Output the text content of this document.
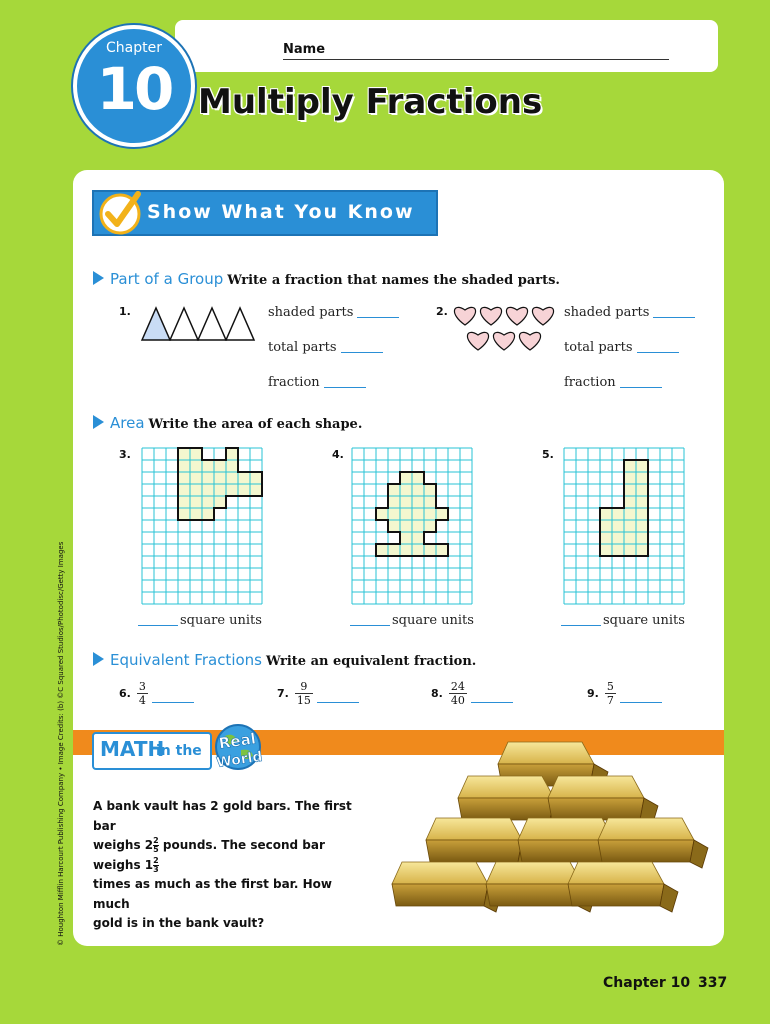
Name
Chapter
10 Multiply Fractions
Show What You Know
Part of a Group Write a fraction that names the shaded parts.
1.	shaded parts
total parts
fraction
2.	shaded parts
total parts
fraction
Area Write the area of each shape.
3.	4.	5.
square units	square units	square units
Equivalent Fractions Write an equivalent fraction.
6. $\frac{3}{4}$	7. $\frac{9}{15}$	8. $\frac{24}{40}$	9. $\frac{5}{7}$
MATH
in the Real
World
A bank vault has 2 gold bars. The first bar
weighs $2 \frac{2}{5}$ pounds. The second bar weighs $1 \frac{2}{3}$
times as much as the first bar. How much
gold is in the bank vault?
© Houghton Mifflin Harcourt Publishing Company • Image Credits: (b) ©C Squared Studios/Photodisc/Getty Images
Chapter 10 337
